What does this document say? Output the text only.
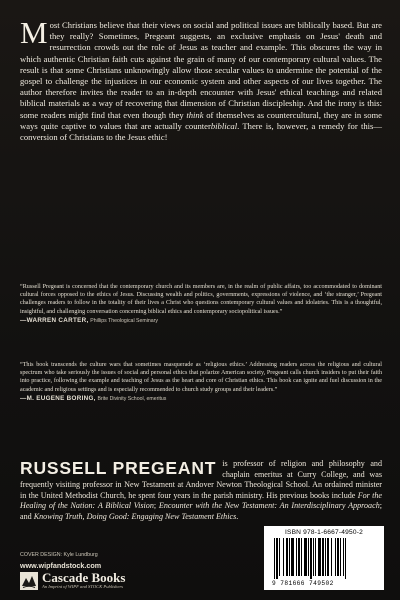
Most Christians believe that their views on social and political issues are biblically based. But are they really? Sometimes, Pregeant suggests, an exclusive emphasis on Jesus' death and resurrection crowds out the role of Jesus as teacher and example. This obscures the way in which authentic Christian faith cuts against the grain of many of our contemporary cultural values. The result is that some Christians unknowingly allow those secular values to undermine the potential of the gospel to challenge the injustices in our economic system and other aspects of our lives together. The author therefore invites the reader to an in-depth encounter with Jesus' ethical teachings and related biblical materials as a way of recovering that dimension of Christian discipleship. And the irony is this: some readers might find that even though they think of themselves as countercultural, they are in some ways quite captive to values that are actually counterbiblical. There is, however, a remedy for this—conversion of Christians to the Jesus ethic!
“Russell Pregeant is concerned that the contemporary church and its members are, in the realm of public affairs, too accommodated to dominant cultural forces opposed to the ethics of Jesus. Discussing wealth and politics, governments, expressions of violence, and ‘the stranger,’ Pregeant challenges readers to follow in the totality of their lives a Christ who questions contemporary cultural values and idolatries. This is a thoughtful, insightful, and challenging conversation concerning biblical ethics and contemporary sociopolitical issues.”
—WARREN CARTER, Phillips Theological Seminary
“This book transcends the culture wars that sometimes masquerade as ‘religious ethics.’ Addressing readers across the religious and cultural spectrum who take seriously the issues of social and personal ethics that polarize American society, Pregeant calls church insiders to put their faith into practice, following the example and teaching of Jesus as the heart and core of Christian ethics. This book can ignite and fuel discussion in the academic and religious settings and is especially recommended to church study groups and their leaders.”
—M. EUGENE BORING, Brite Divinity School, emeritus
RUSSELL PREGEANT is professor of religion and philosophy and chaplain emeritus at Curry College, and was frequently visiting professor in New Testament at Andover Newton Theological School. An ordained minister in the United Methodist Church, he spent four years in the parish ministry. His previous books include For the Healing of the Nation: A Biblical Vision; Encounter with the New Testament: An Interdisciplinary Approach; and Knowing Truth, Doing Good: Engaging New Testament Ethics.
COVER DESIGN: Kyle Lundburg
www.wipfandstock.com
Cascade Books
An Imprint of WIPF and STOCK Publishers
ISBN 978-1-6667-4950-2
9 781666 749502
